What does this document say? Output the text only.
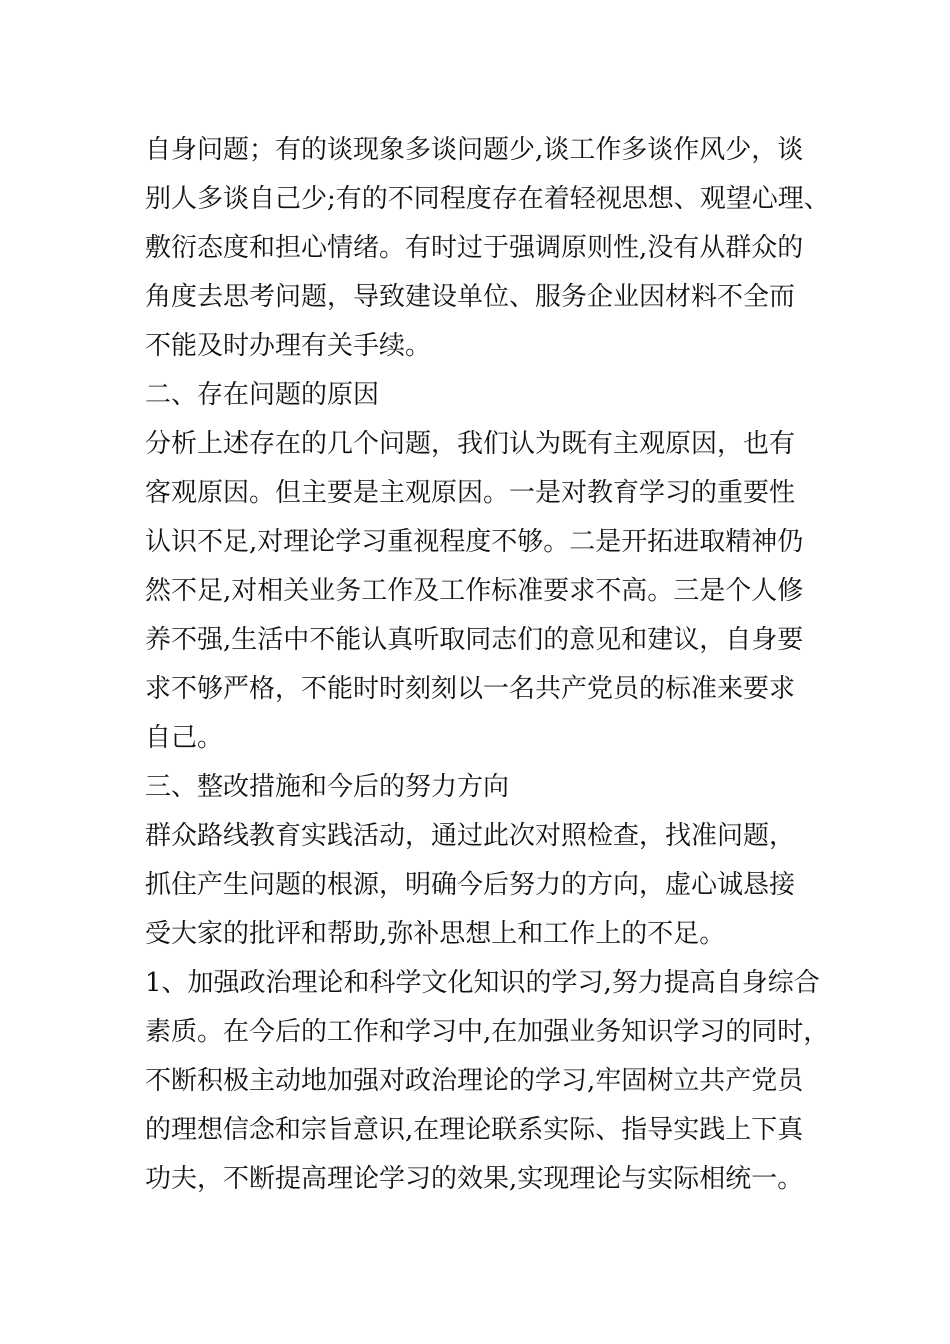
自身问题；有的谈现象多谈问题少,谈工作多谈作风少，谈

别人多谈自己少;有的不同程度存在着轻视思想、观望心理、

敷衍态度和担心情绪。有时过于强调原则性,没有从群众的

角度去思考问题，导致建设单位、服务企业因材料不全而

不能及时办理有关手续。

二、存在问题的原因

分析上述存在的几个问题，我们认为既有主观原因，也有

客观原因。但主要是主观原因。一是对教育学习的重要性

认识不足,对理论学习重视程度不够。二是开拓进取精神仍

然不足,对相关业务工作及工作标准要求不高。三是个人修

养不强,生活中不能认真听取同志们的意见和建议，自身要

求不够严格，不能时时刻刻以一名共产党员的标准来要求

自己。

三、整改措施和今后的努力方向

群众路线教育实践活动，通过此次对照检查，找准问题，

抓住产生问题的根源，明确今后努力的方向，虚心诚恳接

受大家的批评和帮助,弥补思想上和工作上的不足。

1、加强政治理论和科学文化知识的学习,努力提高自身综合

素质。在今后的工作和学习中,在加强业务知识学习的同时，

不断积极主动地加强对政治理论的学习,牢固树立共产党员

的理想信念和宗旨意识,在理论联系实际、指导实践上下真

功夫，不断提高理论学习的效果,实现理论与实际相统一。
